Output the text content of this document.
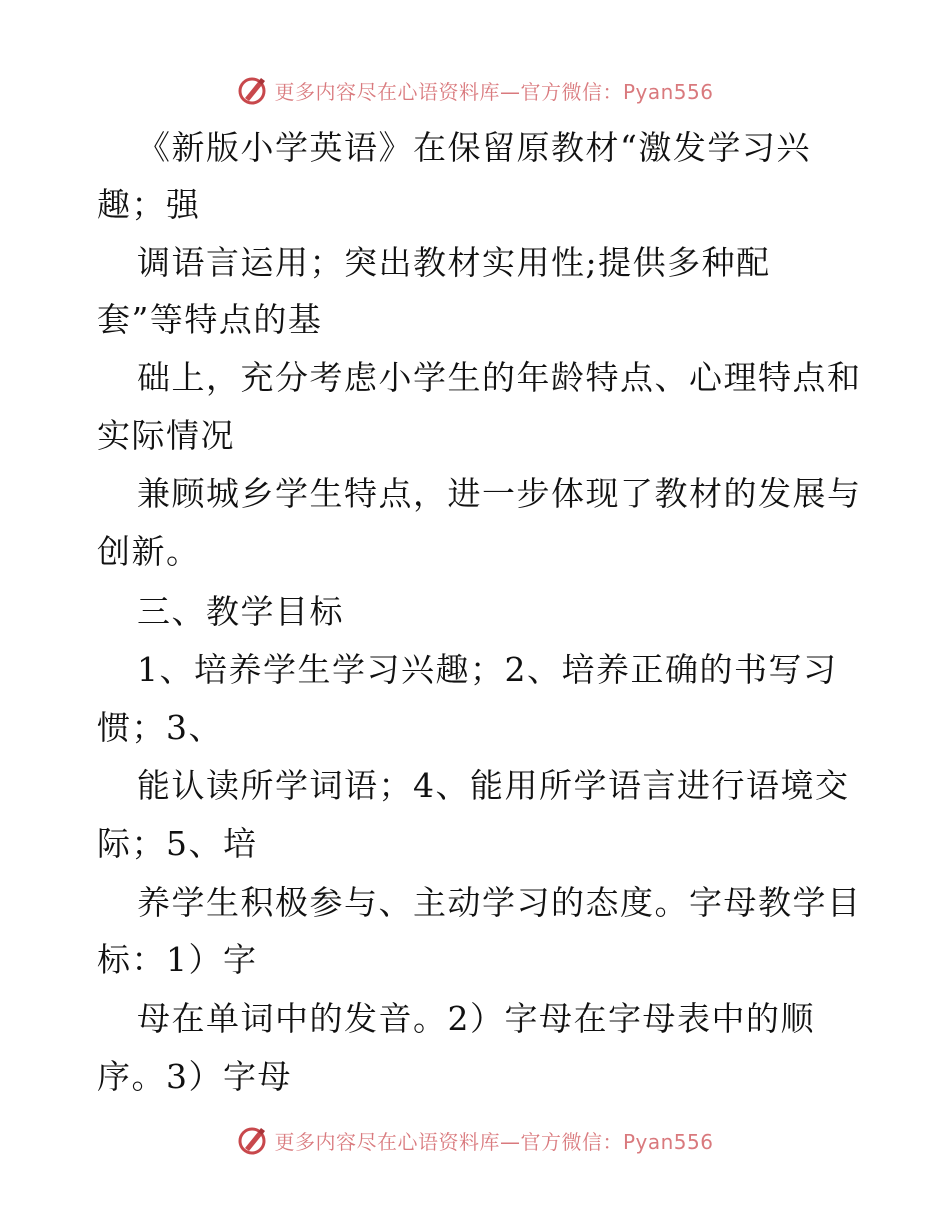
更多内容尽在心语资料库—官方微信：Pyan556
《新版小学英语》在保留原教材“激发学习兴
趣；强
调语言运用；突出教材实用性;提供多种配
套”等特点的基
础上，充分考虑小学生的年龄特点、心理特点和
实际情况
兼顾城乡学生特点，进一步体现了教材的发展与
创新。
三、教学目标
1、培养学生学习兴趣；2、培养正确的书写习
惯；3、
能认读所学词语；4、能用所学语言进行语境交
际；5、培
养学生积极参与、主动学习的态度。字母教学目
标：1）字
母在单词中的发音。2）字母在字母表中的顺
序。3）字母
更多内容尽在心语资料库—官方微信：Pyan556
